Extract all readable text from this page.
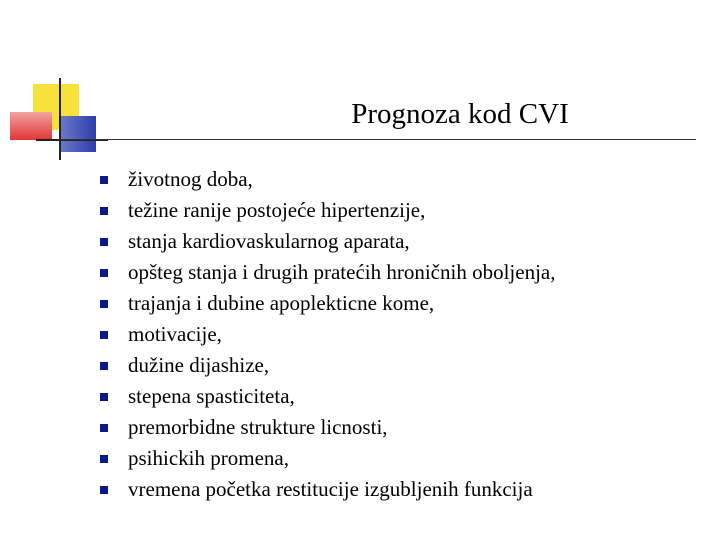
Prognoza kod CVI
životnog doba,
težine ranije postojeće hipertenzije,
stanja kardiovaskularnog aparata,
opšteg stanja i drugih pratećih hroničnih oboljenja,
trajanja i dubine apoplekticne kome,
motivacije,
dužine dijashize,
stepena spasticiteta,
premorbidne strukture licnosti,
psihickih promena,
vremena početka restitucije izgubljenih funkcija
